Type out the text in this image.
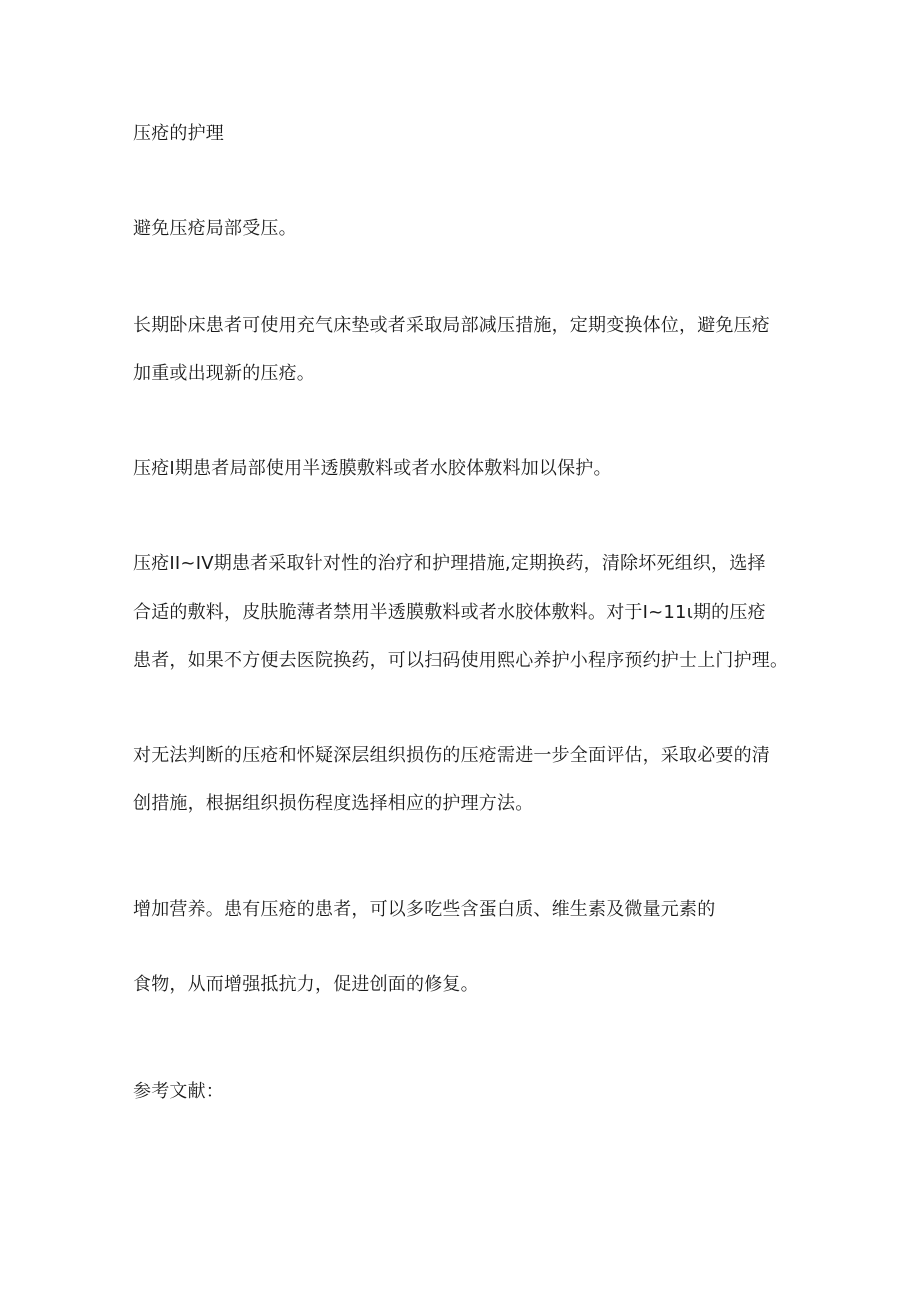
压疮的护理
避免压疮局部受压。
长期卧床患者可使用充气床垫或者采取局部减压措施，定期变换体位，避免压疮
加重或出现新的压疮。
压疮Ⅰ期患者局部使用半透膜敷料或者水胶体敷料加以保护。
压疮II~IV期患者采取针对性的治疗和护理措施,定期换药，清除坏死组织，选择
合适的敷料，皮肤脆薄者禁用半透膜敷料或者水胶体敷料。对于I~11ι期的压疮
患者，如果不方便去医院换药，可以扫码使用熙心养护小程序预约护士上门护理。
对无法判断的压疮和怀疑深层组织损伤的压疮需进一步全面评估，采取必要的清
创措施，根据组织损伤程度选择相应的护理方法。
增加营养。患有压疮的患者，可以多吃些含蛋白质、维生素及微量元素的
食物，从而增强抵抗力，促进创面的修复。
参考文献：
